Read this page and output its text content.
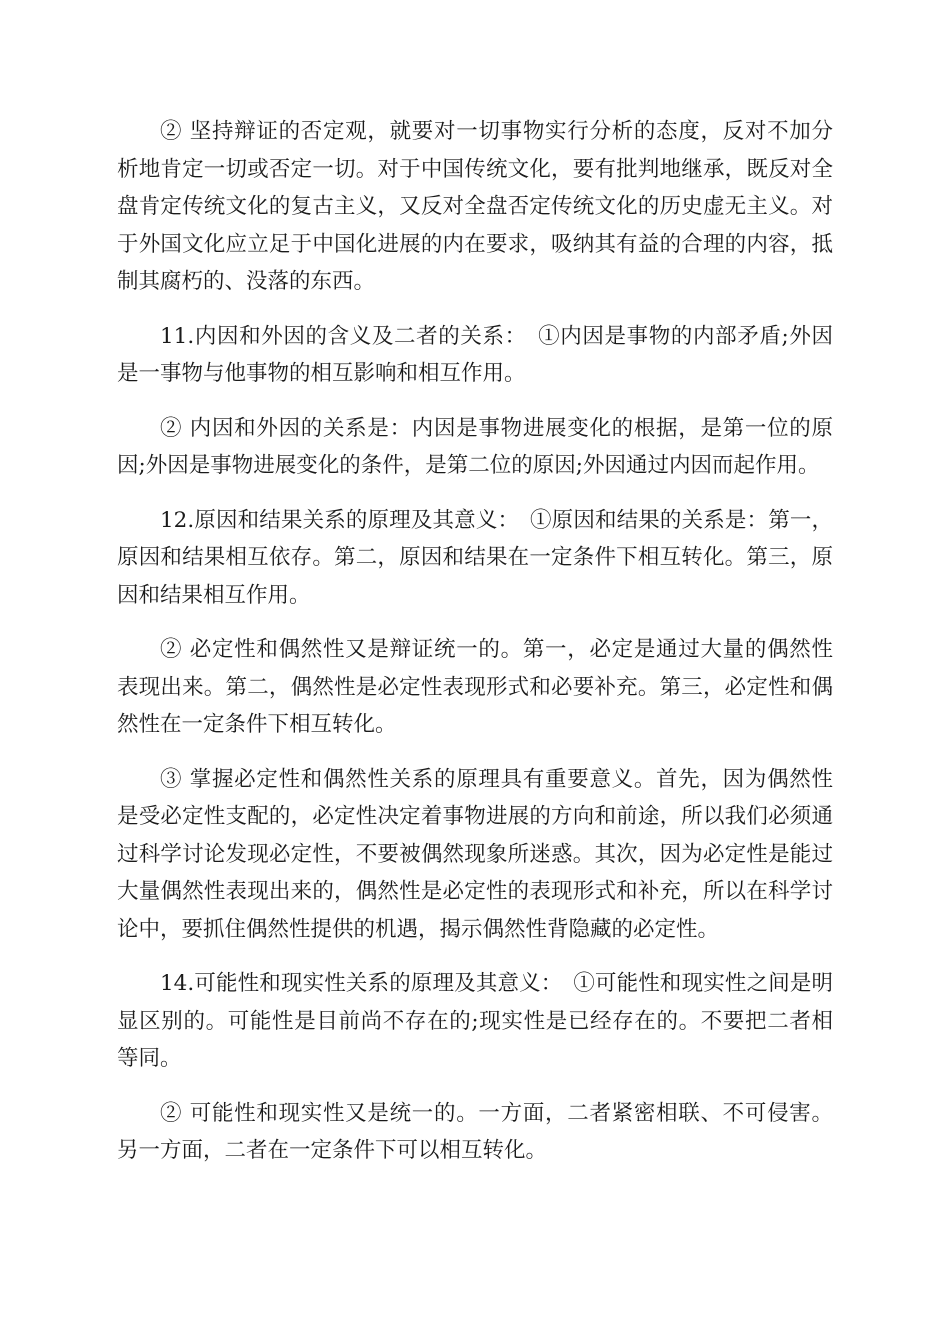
② 坚持辩证的否定观，就要对一切事物实行分析的态度，反对不加分析地肯定一切或否定一切。对于中国传统文化，要有批判地继承，既反对全盘肯定传统文化的复古主义，又反对全盘否定传统文化的历史虚无主义。对于外国文化应立足于中国化进展的内在要求，吸纳其有益的合理的内容，抵制其腐朽的、没落的东西。

11.内因和外因的含义及二者的关系：　①内因是事物的内部矛盾;外因是一事物与他事物的相互影响和相互作用。

② 内因和外因的关系是：内因是事物进展变化的根据，是第一位的原因;外因是事物进展变化的条件，是第二位的原因;外因通过内因而起作用。

12.原因和结果关系的原理及其意义：　①原因和结果的关系是：第一，原因和结果相互依存。第二，原因和结果在一定条件下相互转化。第三，原因和结果相互作用。

② 必定性和偶然性又是辩证统一的。第一，必定是通过大量的偶然性表现出来。第二，偶然性是必定性表现形式和必要补充。第三，必定性和偶然性在一定条件下相互转化。

③ 掌握必定性和偶然性关系的原理具有重要意义。首先，因为偶然性是受必定性支配的，必定性决定着事物进展的方向和前途，所以我们必须通过科学讨论发现必定性，不要被偶然现象所迷惑。其次，因为必定性是能过大量偶然性表现出来的，偶然性是必定性的表现形式和补充，所以在科学讨论中，要抓住偶然性提供的机遇，揭示偶然性背隐藏的必定性。

14.可能性和现实性关系的原理及其意义：　①可能性和现实性之间是明显区别的。可能性是目前尚不存在的;现实性是已经存在的。不要把二者相等同。

② 可能性和现实性又是统一的。一方面，二者紧密相联、不可侵害。另一方面，二者在一定条件下可以相互转化。
